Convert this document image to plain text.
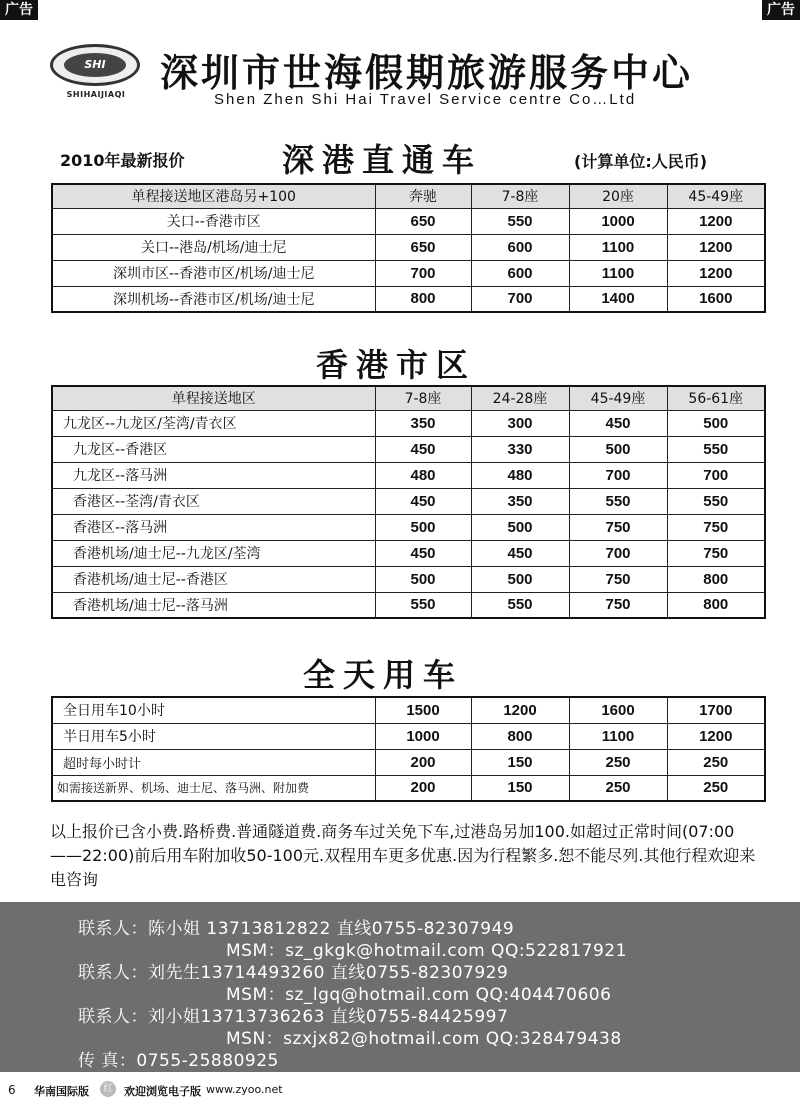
广告	广告
SHI
SHIHAIJIAQI 深圳市世海假期旅游服务中心
Shen Zhen Shi Hai Travel Service centre Co…Ltd
2010年最新报价	深港直通车	(计算单位:人民币)
单程接送地区港岛另+100	奔驰	7-8座	20座	45-49座
关口--香港市区	650	550	1000	1200
关口--港岛/机场/迪士尼	650	600	1100	1200
深圳市区--香港市区/机场/迪士尼	700	600	1100	1200
深圳机场--香港市区/机场/迪士尼	800	700	1400	1600
香港市区
单程接送地区	7-8座	24-28座	45-49座	56-61座
九龙区--九龙区/荃湾/青衣区	350	300	450	500
九龙区--香港区	450	330	500	550
九龙区--落马洲	480	480	700	700
香港区--荃湾/青衣区	450	350	550	550
香港区--落马洲	500	500	750	750
香港机场/迪士尼--九龙区/荃湾	450	450	700	750
香港机场/迪士尼--香港区	500	500	750	800
香港机场/迪士尼--落马洲	550	550	750	800
全天用车
全日用车10小时	1500	1200	1600	1700
半日用车5小时	1000	800	1100	1200
超时每小时计	200	150	250	250
如需接送新界、机场、迪士尼、落马洲、附加费	200	150	250	250
以上报价已含小费.路桥费.普通隧道费.商务车过关免下车,过港岛另加100.如超过正常时间(07:00——22:00)前后用车附加收50-100元.双程用车更多优惠.因为行程繁多.恕不能尽列.其他行程欢迎来电咨询
联系人：陈小姐 13713812822 直线0755-82307949
MSM：sz_gkgk@hotmail.com QQ:522817921
联系人：刘先生13714493260 直线0755-82307929
MSM：sz_lgq@hotmail.com QQ:404470606
联系人：刘小姐13713736263 直线0755-84425997
MSN：szxjx82@hotmail.com QQ:328479438
传 真：0755-25880925
6 华南国际版	红	欢迎浏览电子版 www.zyoo.net
